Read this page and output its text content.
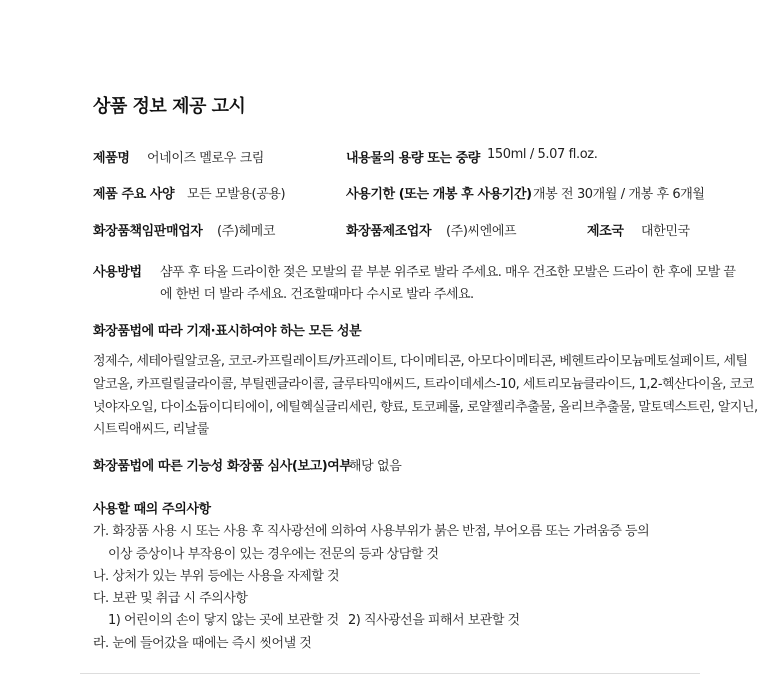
상품 정보 제공 고시
제품명 어네이즈 멜로우 크림	내용물의 용량 또는 중량 150ml / 5.07 fl.oz.
제품 주요 사양 모든 모발용(공용)	사용기한 (또는 개봉 후 사용기간) 개봉 전 30개월 / 개봉 후 6개월
화장품책임판매업자 (주)헤메코	화장품제조업자 (주)씨엔에프	제조국 대한민국
사용방법 샴푸 후 타올 드라이한 젖은 모발의 끝 부분 위주로 발라 주세요. 매우 건조한 모발은 드라이 한 후에 모발 끝
에 한번 더 발라 주세요. 건조할때마다 수시로 발라 주세요.
화장품법에 따라 기재·표시하여야 하는 모든 성분
정제수, 세테아릴알코올, 코코-카프릴레이트/카프레이트, 다이메티콘, 아모다이메티콘, 베헨트라이모늄메토설페이트, 세틸
알코올, 카프릴릴글라이콜, 부틸렌글라이콜, 글루타믹애씨드, 트라이데세스-10, 세트리모늄클라이드, 1,2-헥산다이올, 코코
넛야자오일, 다이소듐이디티에이, 에틸헥실글리세린, 향료, 토코페롤, 로얄젤리추출물, 올리브추출물, 말토덱스트린, 알지닌,
시트릭애씨드, 리날룰
화장품법에 따른 기능성 화장품 심사(보고)여부
해당 없음
사용할 때의 주의사항
가. 화장품 사용 시 또는 사용 후 직사광선에 의하여 사용부위가 붉은 반점, 부어오름 또는 가려움증 등의
이상 증상이나 부작용이 있는 경우에는 전문의 등과 상담할 것
나. 상처가 있는 부위 등에는 사용을 자제할 것
다. 보관 및 취급 시 주의사항
1) 어린이의 손이 닿지 않는 곳에 보관할 것 2) 직사광선을 피해서 보관할 것
라. 눈에 들어갔을 때에는 즉시 씻어낼 것
